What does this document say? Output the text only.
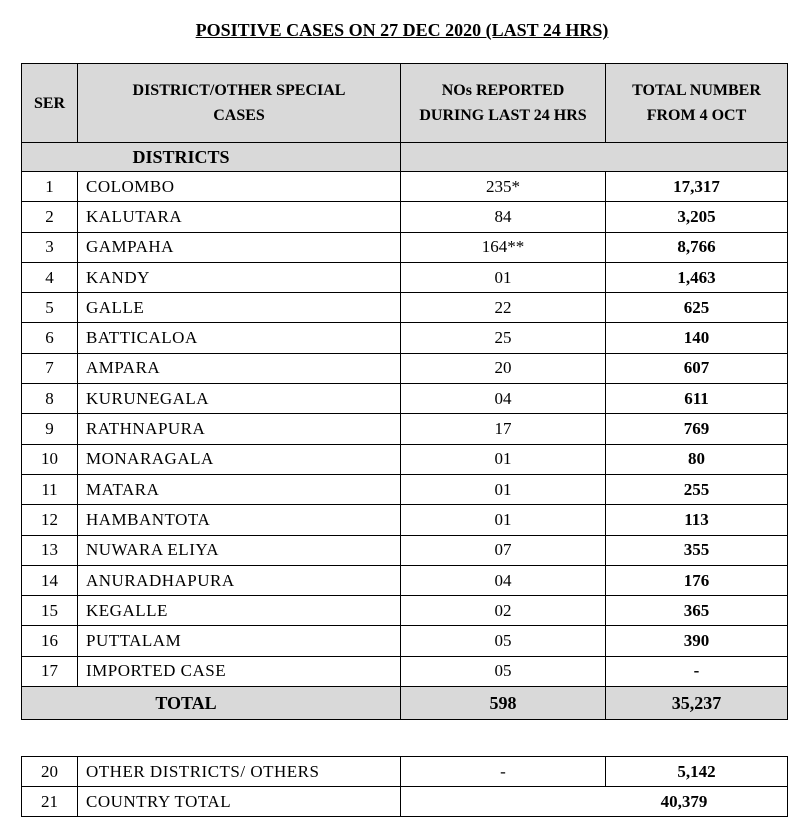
POSITIVE CASES ON 27 DEC 2020 (LAST 24 HRS)
SER	DISTRICT/OTHER SPECIAL CASES	NOs REPORTED DURING LAST 24 HRS	TOTAL NUMBER FROM 4 OCT
DISTRICTS			
1	COLOMBO	235*	17,317
2	KALUTARA	84	3,205
3	GAMPAHA	164**	8,766
4	KANDY	01	1,463
5	GALLE	22	625
6	BATTICALOA	25	140
7	AMPARA	20	607
8	KURUNEGALA	04	611
9	RATHNAPURA	17	769
10	MONARAGALA	01	80
11	MATARA	01	255
12	HAMBANTOTA	01	113
13	NUWARA ELIYA	07	355
14	ANURADHAPURA	04	176
15	KEGALLE	02	365
16	PUTTALAM	05	390
17	IMPORTED CASE	05	-
TOTAL		598	35,237
20	OTHER DISTRICTS/ OTHERS	-	5,142
21	COUNTRY TOTAL	40,379	
